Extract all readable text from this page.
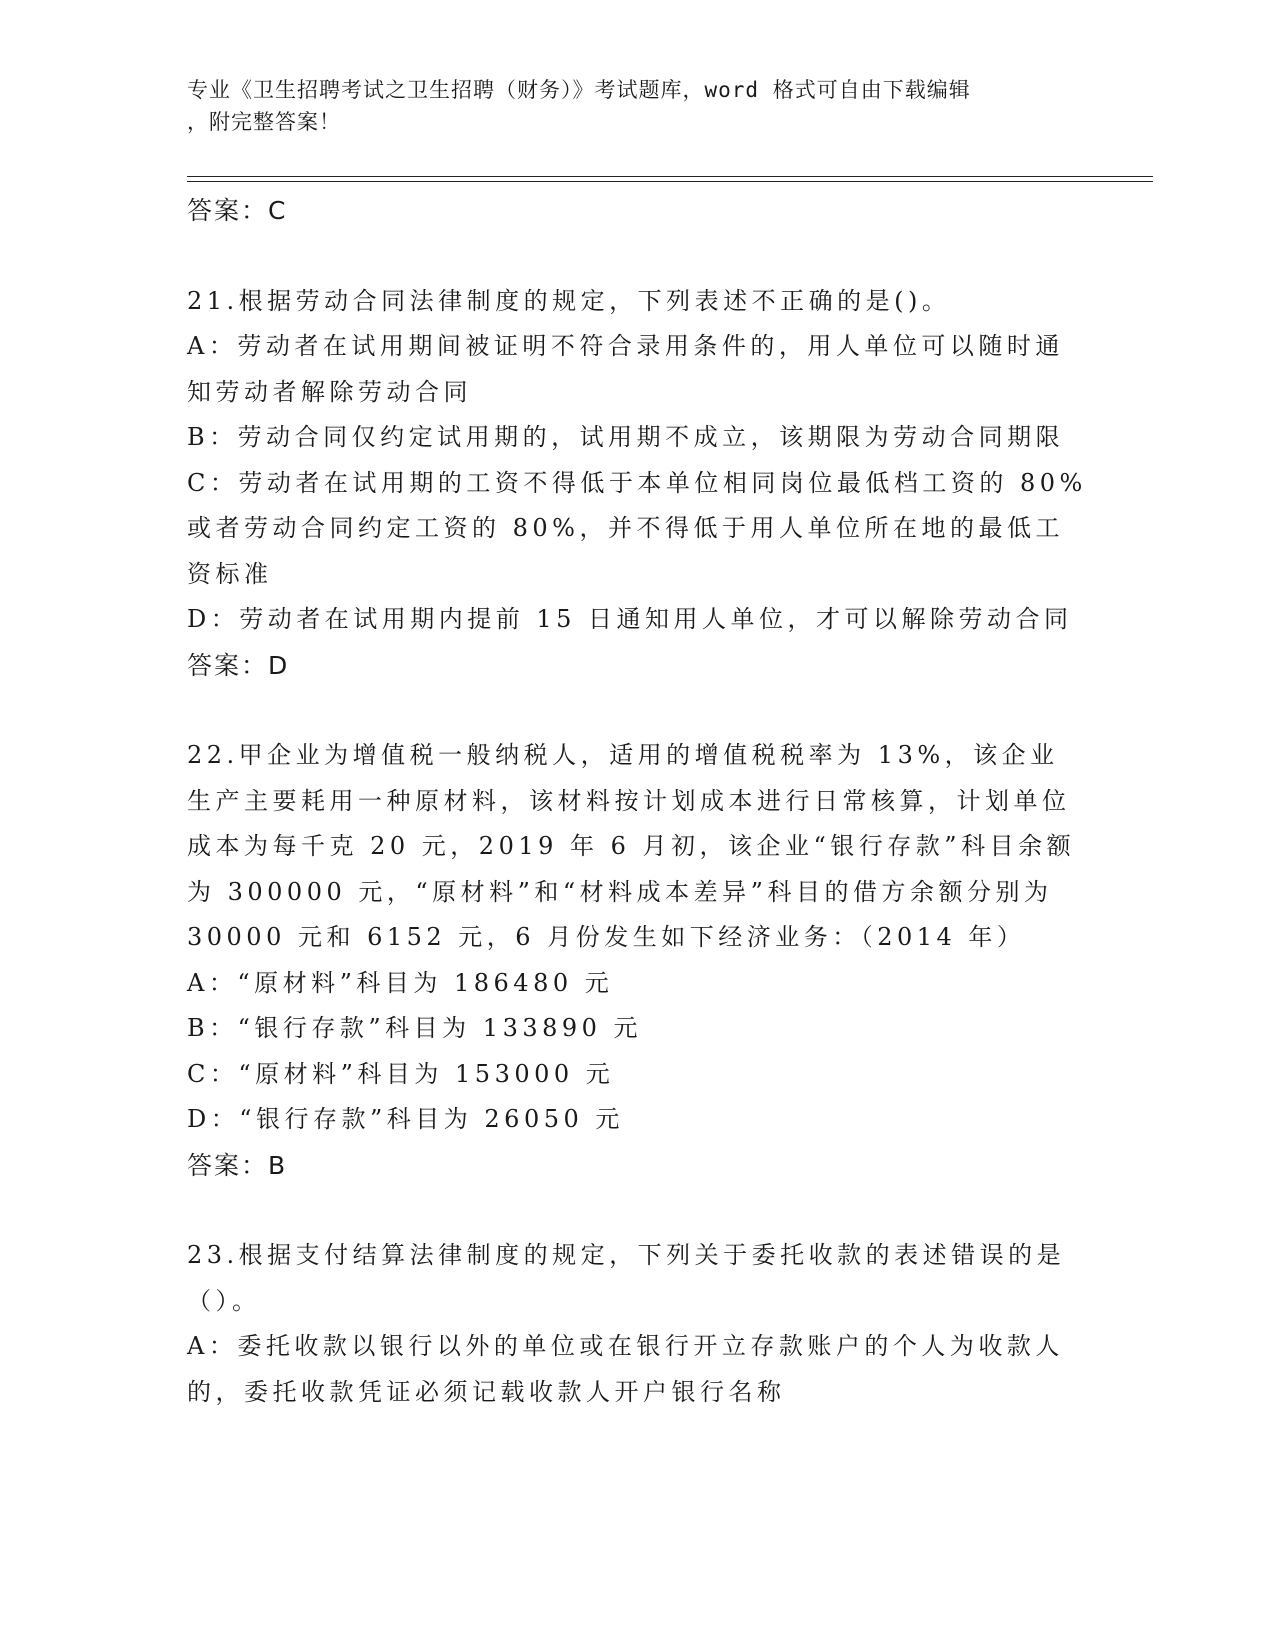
专业《卫生招聘考试之卫生招聘（财务）》考试题库，word 格式可自由下载编辑
，附完整答案！
答案：C
21.根据劳动合同法律制度的规定，下列表述不正确的是()。
A：劳动者在试用期间被证明不符合录用条件的，用人单位可以随时通知劳动者解除劳动合同
B：劳动合同仅约定试用期的，试用期不成立，该期限为劳动合同期限
C：劳动者在试用期的工资不得低于本单位相同岗位最低档工资的 80%或者劳动合同约定工资的 80%，并不得低于用人单位所在地的最低工资标准
D：劳动者在试用期内提前 15 日通知用人单位，才可以解除劳动合同
答案：D
22.甲企业为增值税一般纳税人，适用的增值税税率为 13%，该企业生产主要耗用一种原材料，该材料按计划成本进行日常核算，计划单位成本为每千克 20 元，2019 年 6 月初，该企业“银行存款”科目余额为 300000 元，“原材料”和“材料成本差异”科目的借方余额分别为 30000 元和 6152 元，6 月份发生如下经济业务：（2014 年）
A：“原材料”科目为 186480 元
B：“银行存款”科目为 133890 元
C：“原材料”科目为 153000 元
D：“银行存款”科目为 26050 元
答案：B
23.根据支付结算法律制度的规定，下列关于委托收款的表述错误的是（）。
A：委托收款以银行以外的单位或在银行开立存款账户的个人为收款人的，委托收款凭证必须记载收款人开户银行名称
